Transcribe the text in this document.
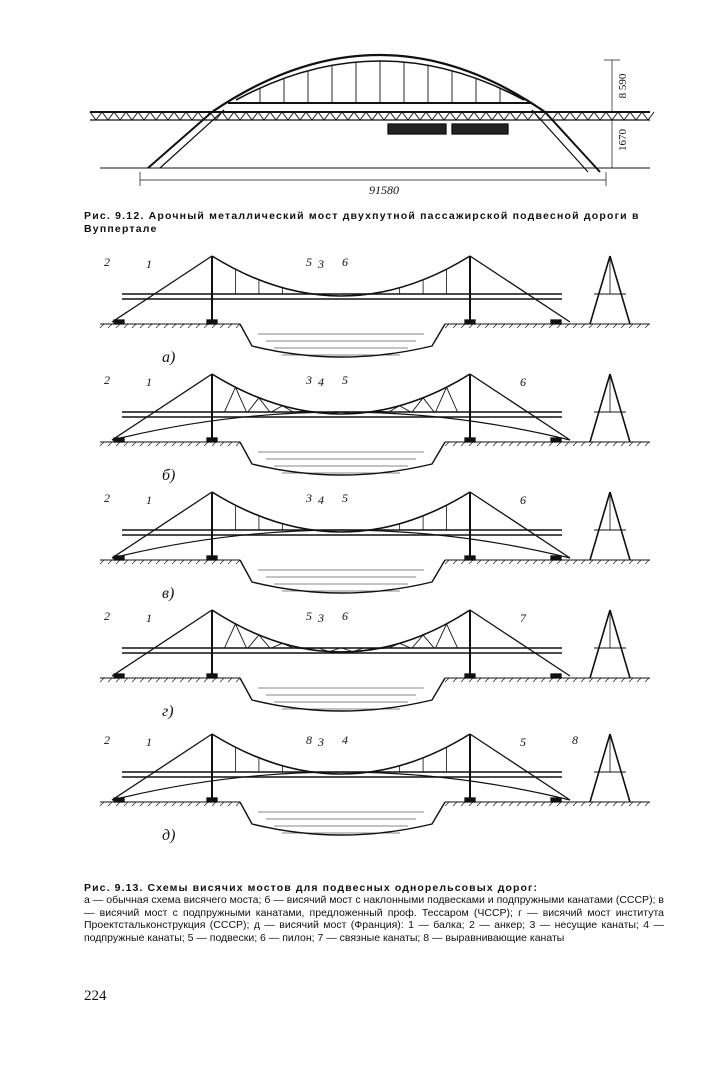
8 590
1670
91580
а)
2	1	5 3 6
б)
2	1	3 4 5	6
в)
2	1	3 4 5	6
г)
2	1	5 3 6	7
д)
2	1	8 3 4	5	8
Рис. 9.12. Арочный металлический мост двухпутной пассажирской подвесной дороги в Вуппертале
Рис. 9.13. Схемы висячих мостов для подвесных однорельсовых дорог:
а — обычная схема висячего моста; б — висячий мост с наклонными подвесками и подпружными канатами (СССР); в — висячий мост с подпружными канатами, предложенный проф. Тессаром (ЧССР); г — висячий мост института Проектстальконструкция (СССР); д — висячий мост (Франция): 1 — балка; 2 — анкер; 3 — несущие канаты; 4 — подпружные канаты; 5 — подвески; 6 — пилон; 7 — связные канаты; 8 — выравнивающие канаты
224
